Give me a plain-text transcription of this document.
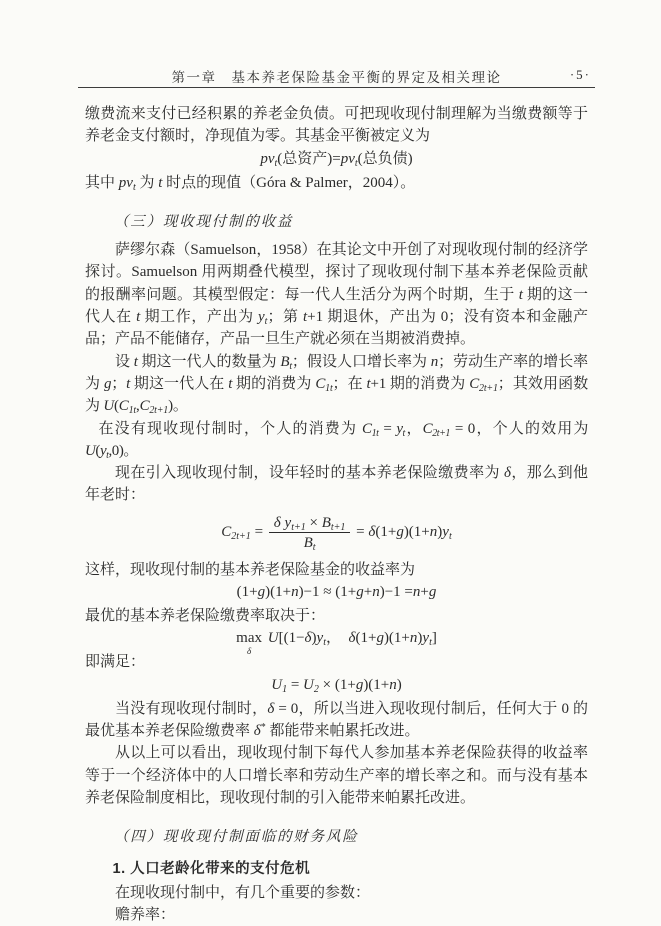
第一章　基本养老保险基金平衡的界定及相关理论	·5·
缴费流来支付已经积累的养老金负债。可把现收现付制理解为当缴费额等于养老金支付额时，净现值为零。其基金平衡被定义为
$pv_t$(总资产)$=pv_t$(总负债)
其中 $pv_t$ 为 t 时点的现值（Góra & Palmer，2004）。
（三）现收现付制的收益
萨缪尔森（Samuelson，1958）在其论文中开创了对现收现付制的经济学探讨。Samuelson 用两期叠代模型，探讨了现收现付制下基本养老保险贡献的报酬率问题。其模型假定：每一代人生活分为两个时期，生于 t 期的这一代人在 t 期工作，产出为 $y_t$；第 t+1 期退休，产出为 0；没有资本和金融产品；产品不能储存，产品一旦生产就必须在当期被消费掉。
设 t 期这一代人的数量为 $B_t$；假设人口增长率为 n；劳动生产率的增长率为 g；t 期这一代人在 t 期的消费为 $C_{1t}$；在 t+1 期的消费为 $C_{2t+1}$；其效用函数为 $U(C_{1t},C_{2t+1})$。
在没有现收现付制时，个人的消费为 $C_{1t} = y_t$，$C_{2t+1} = 0$，个人的效用为 $U(y_t,0)$。
现在引入现收现付制，设年轻时的基本养老保险缴费率为 δ，那么到他年老时：
$C_{2t+1} = \frac{\delta y_{t+1} \times B_{t+1}}{B_t} = \delta(1+g)(1+n)y_t$
这样，现收现付制的基本养老保险基金的收益率为
(1+g)(1+n)−1 ≈ (1+g+n)−1 =n+g
最优的基本养老保险缴费率取决于：
max
δ
$U[(1-\delta)y_t$，　$\delta(1+g)(1+n)y_t$]
即满足：
$U_1 = U_2 \times (1+g)(1+n)$
当没有现收现付制时，δ = 0，所以当进入现收现付制后，任何大于 0 的最优基本养老保险缴费率 δ* 都能带来帕累托改进。
从以上可以看出，现收现付制下每代人参加基本养老保险获得的收益率等于一个经济体中的人口增长率和劳动生产率的增长率之和。而与没有基本养老保险制度相比，现收现付制的引入能带来帕累托改进。
（四）现收现付制面临的财务风险
1. 人口老龄化带来的支付危机
在现收现付制中，有几个重要的参数：
赡养率：
